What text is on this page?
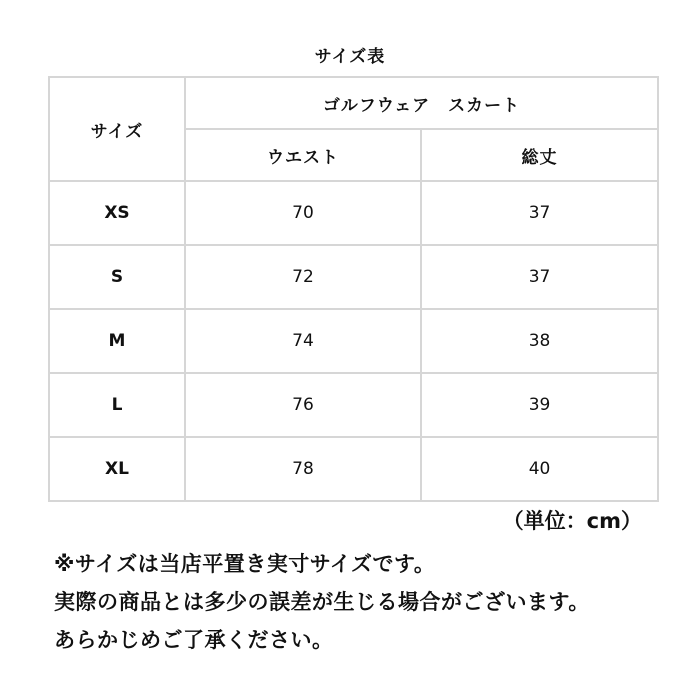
サイズ表
サイズ	ゴルフウェア　スカート	
	ウエスト	総丈
XS	70	37
S	72	37
M	74	38
L	76	39
XL	78	40
（単位：cm）
※サイズは当店平置き実寸サイズです。
実際の商品とは多少の誤差が生じる場合がございます。
あらかじめご了承ください。
